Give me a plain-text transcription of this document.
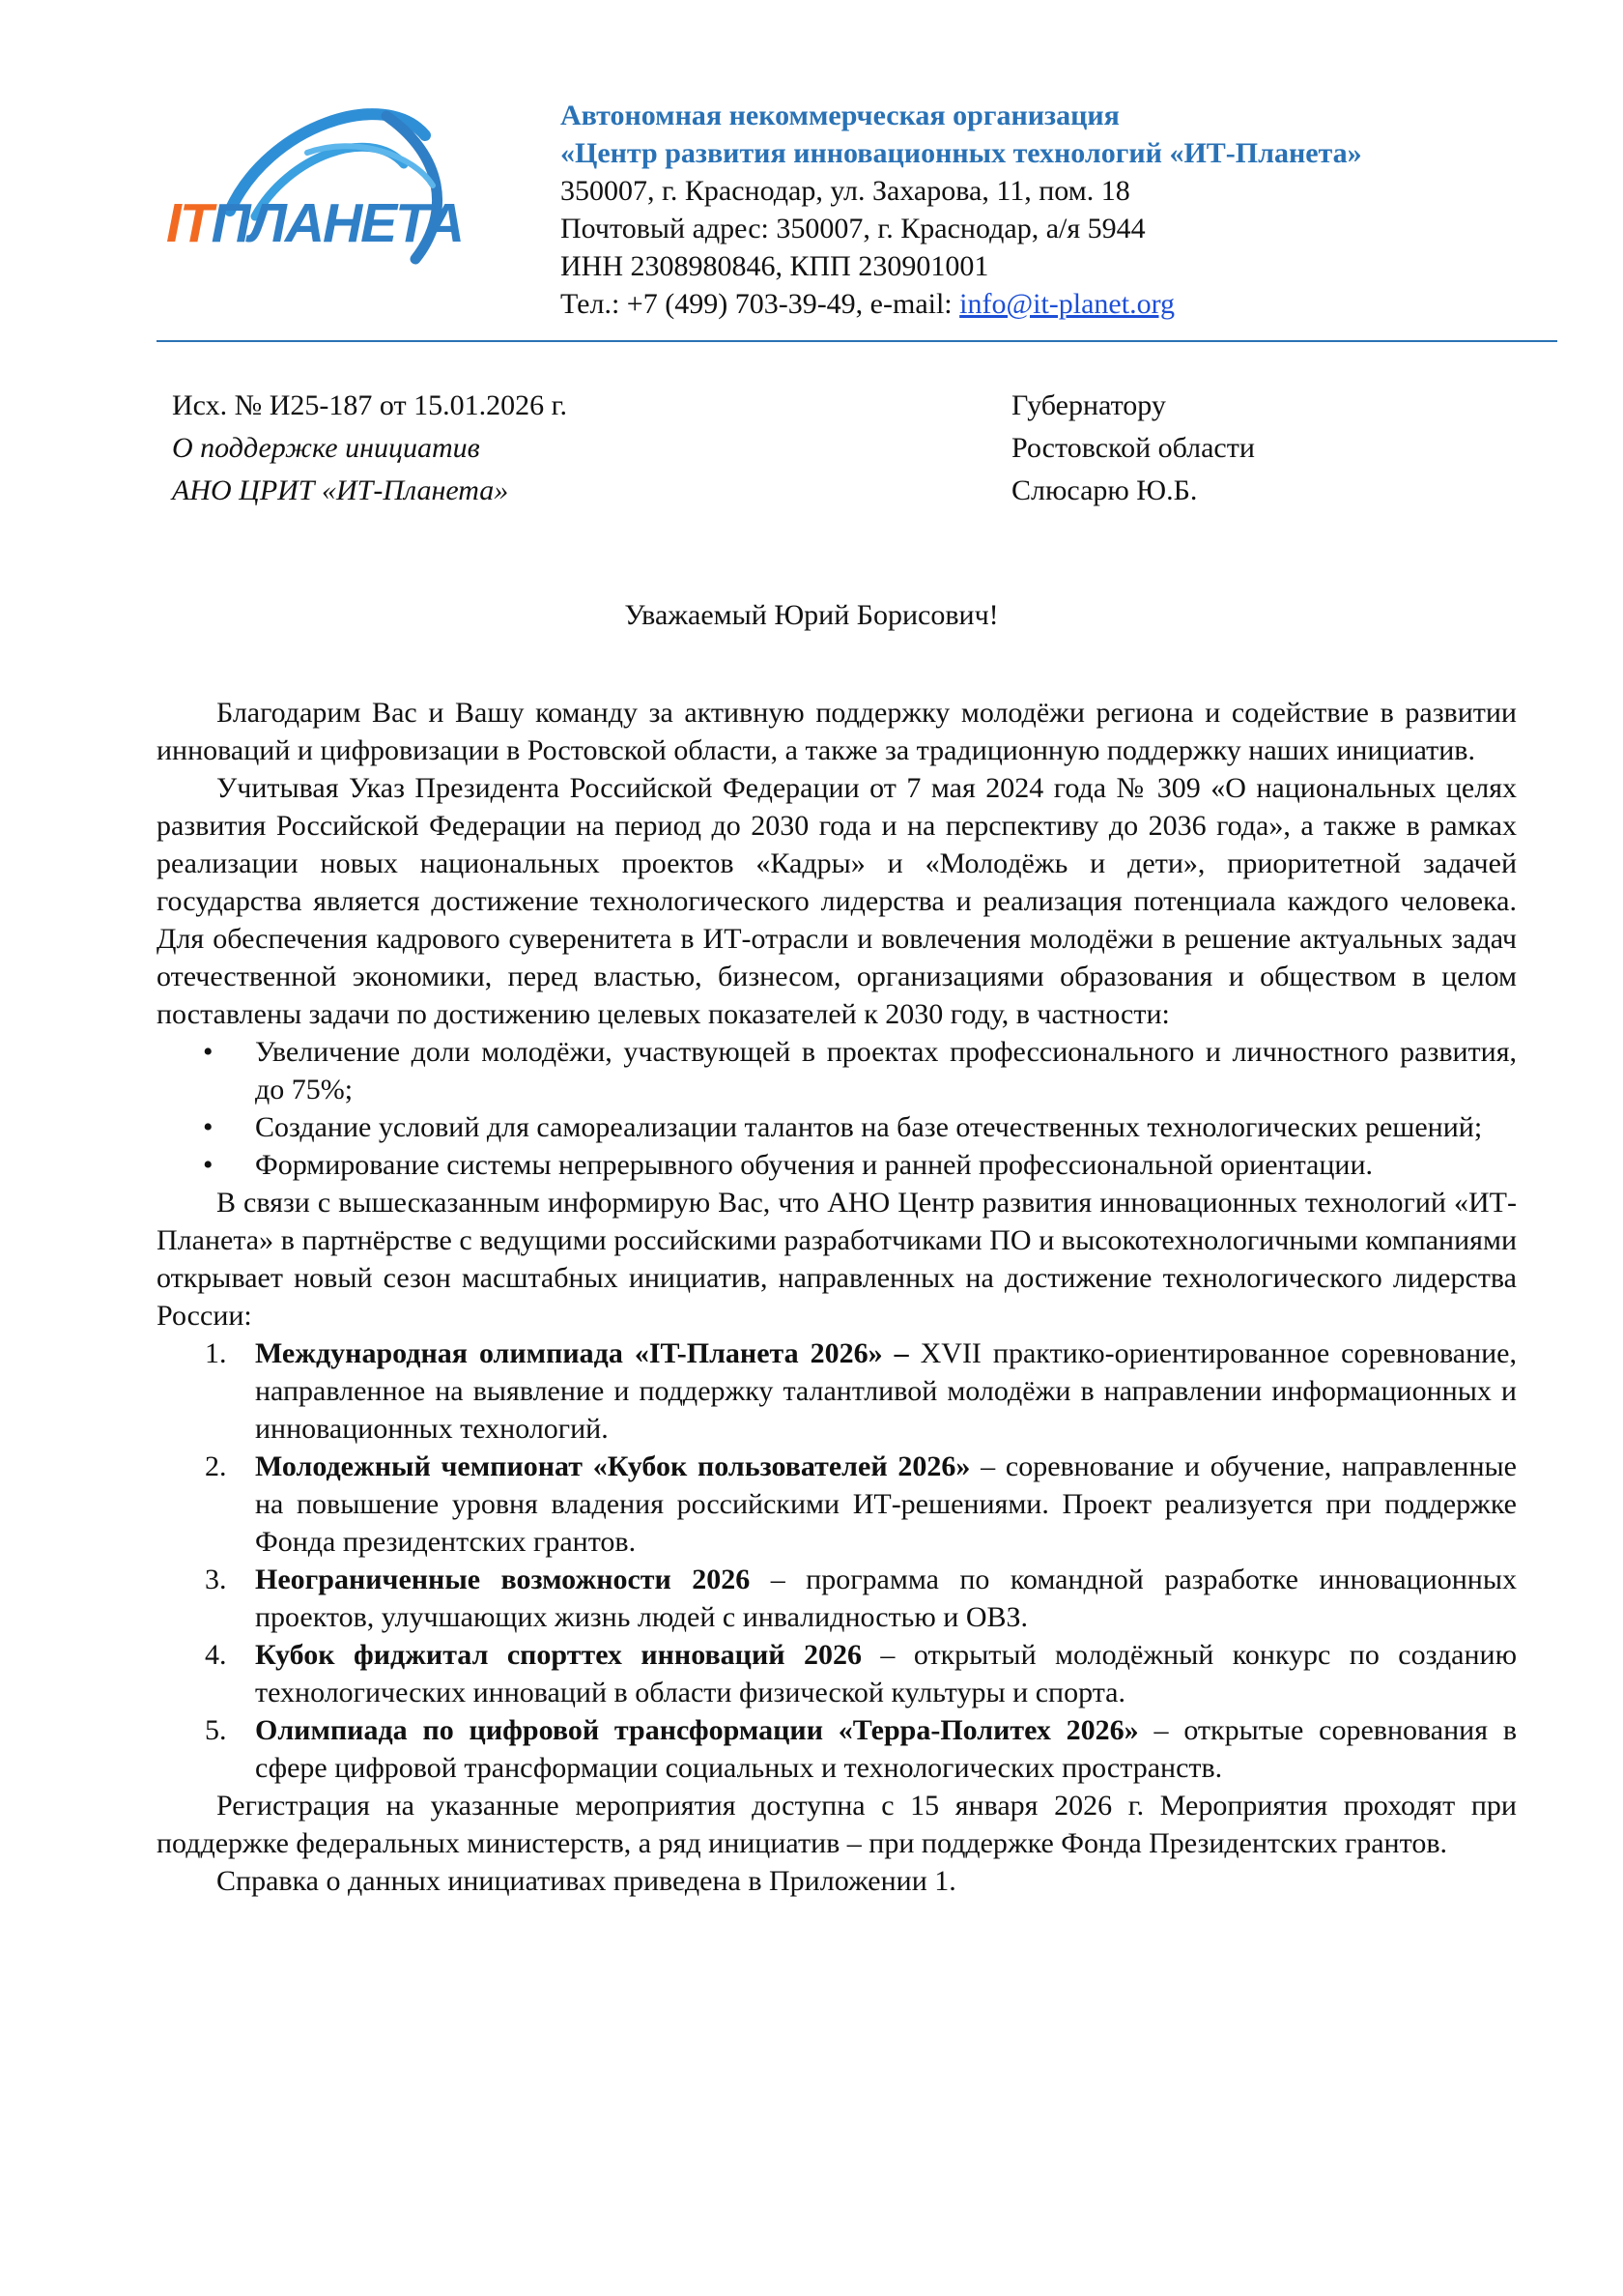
ITПЛАНЕТА
Автономная некоммерческая организация
«Центр развития инновационных технологий «ИТ-Планета»
350007, г. Краснодар, ул. Захарова, 11, пом. 18
Почтовый адрес: 350007, г. Краснодар, а/я 5944
ИНН 2308980846, КПП 230901001
Тел.: +7 (499) 703-39-49, e-mail: info@it-planet.org
Исх. № И25-187 от 15.01.2026 г.
О поддержке инициатив
АНО ЦРИТ «ИТ-Планета»
Губернатору
Ростовской области
Слюсарю Ю.Б.
Уважаемый Юрий Борисович!

Благодарим Вас и Вашу команду за активную поддержку молодёжи региона и содействие в развитии инноваций и цифровизации в Ростовской области, а также за традиционную поддержку наших инициатив.

Учитывая Указ Президента Российской Федерации от 7 мая 2024 года № 309 «О национальных целях развития Российской Федерации на период до 2030 года и на перспективу до 2036 года», а также в рамках реализации новых национальных проектов «Кадры» и «Молодёжь и дети», приоритетной задачей государства является достижение технологического лидерства и реализация потенциала каждого человека. Для обеспечения кадрового суверенитета в ИТ-отрасли и вовлечения молодёжи в решение актуальных задач отечественной экономики, перед властью, бизнесом, организациями образования и обществом в целом поставлены задачи по достижению целевых показателей к 2030 году, в частности:

• Увеличение доли молодёжи, участвующей в проектах профессионального и личностного развития, до 75%;
• Создание условий для самореализации талантов на базе отечественных технологических решений;
• Формирование системы непрерывного обучения и ранней профессиональной ориентации.

В связи с вышесказанным информирую Вас, что АНО Центр развития инновационных технологий «ИТ-Планета» в партнёрстве с ведущими российскими разработчиками ПО и высокотехнологичными компаниями открывает новый сезон масштабных инициатив, направленных на достижение технологического лидерства России:

1. Международная олимпиада «IT-Планета 2026» – XVII практико-ориентированное соревнование, направленное на выявление и поддержку талантливой молодёжи в направлении информационных и инновационных технологий.
2. Молодежный чемпионат «Кубок пользователей 2026» – соревнование и обучение, направленные на повышение уровня владения российскими ИТ-решениями. Проект реализуется при поддержке Фонда президентских грантов.
3. Неограниченные возможности 2026 – программа по командной разработке инновационных проектов, улучшающих жизнь людей с инвалидностью и ОВЗ.
4. Кубок фиджитал спорттех инноваций 2026 – открытый молодёжный конкурс по созданию технологических инноваций в области физической культуры и спорта.
5. Олимпиада по цифровой трансформации «Терра-Политех 2026» – открытые соревнования в сфере цифровой трансформации социальных и технологических пространств.

Регистрация на указанные мероприятия доступна с 15 января 2026 г. Мероприятия проходят при поддержке федеральных министерств, а ряд инициатив – при поддержке Фонда Президентских грантов.

Справка о данных инициативах приведена в Приложении 1.
